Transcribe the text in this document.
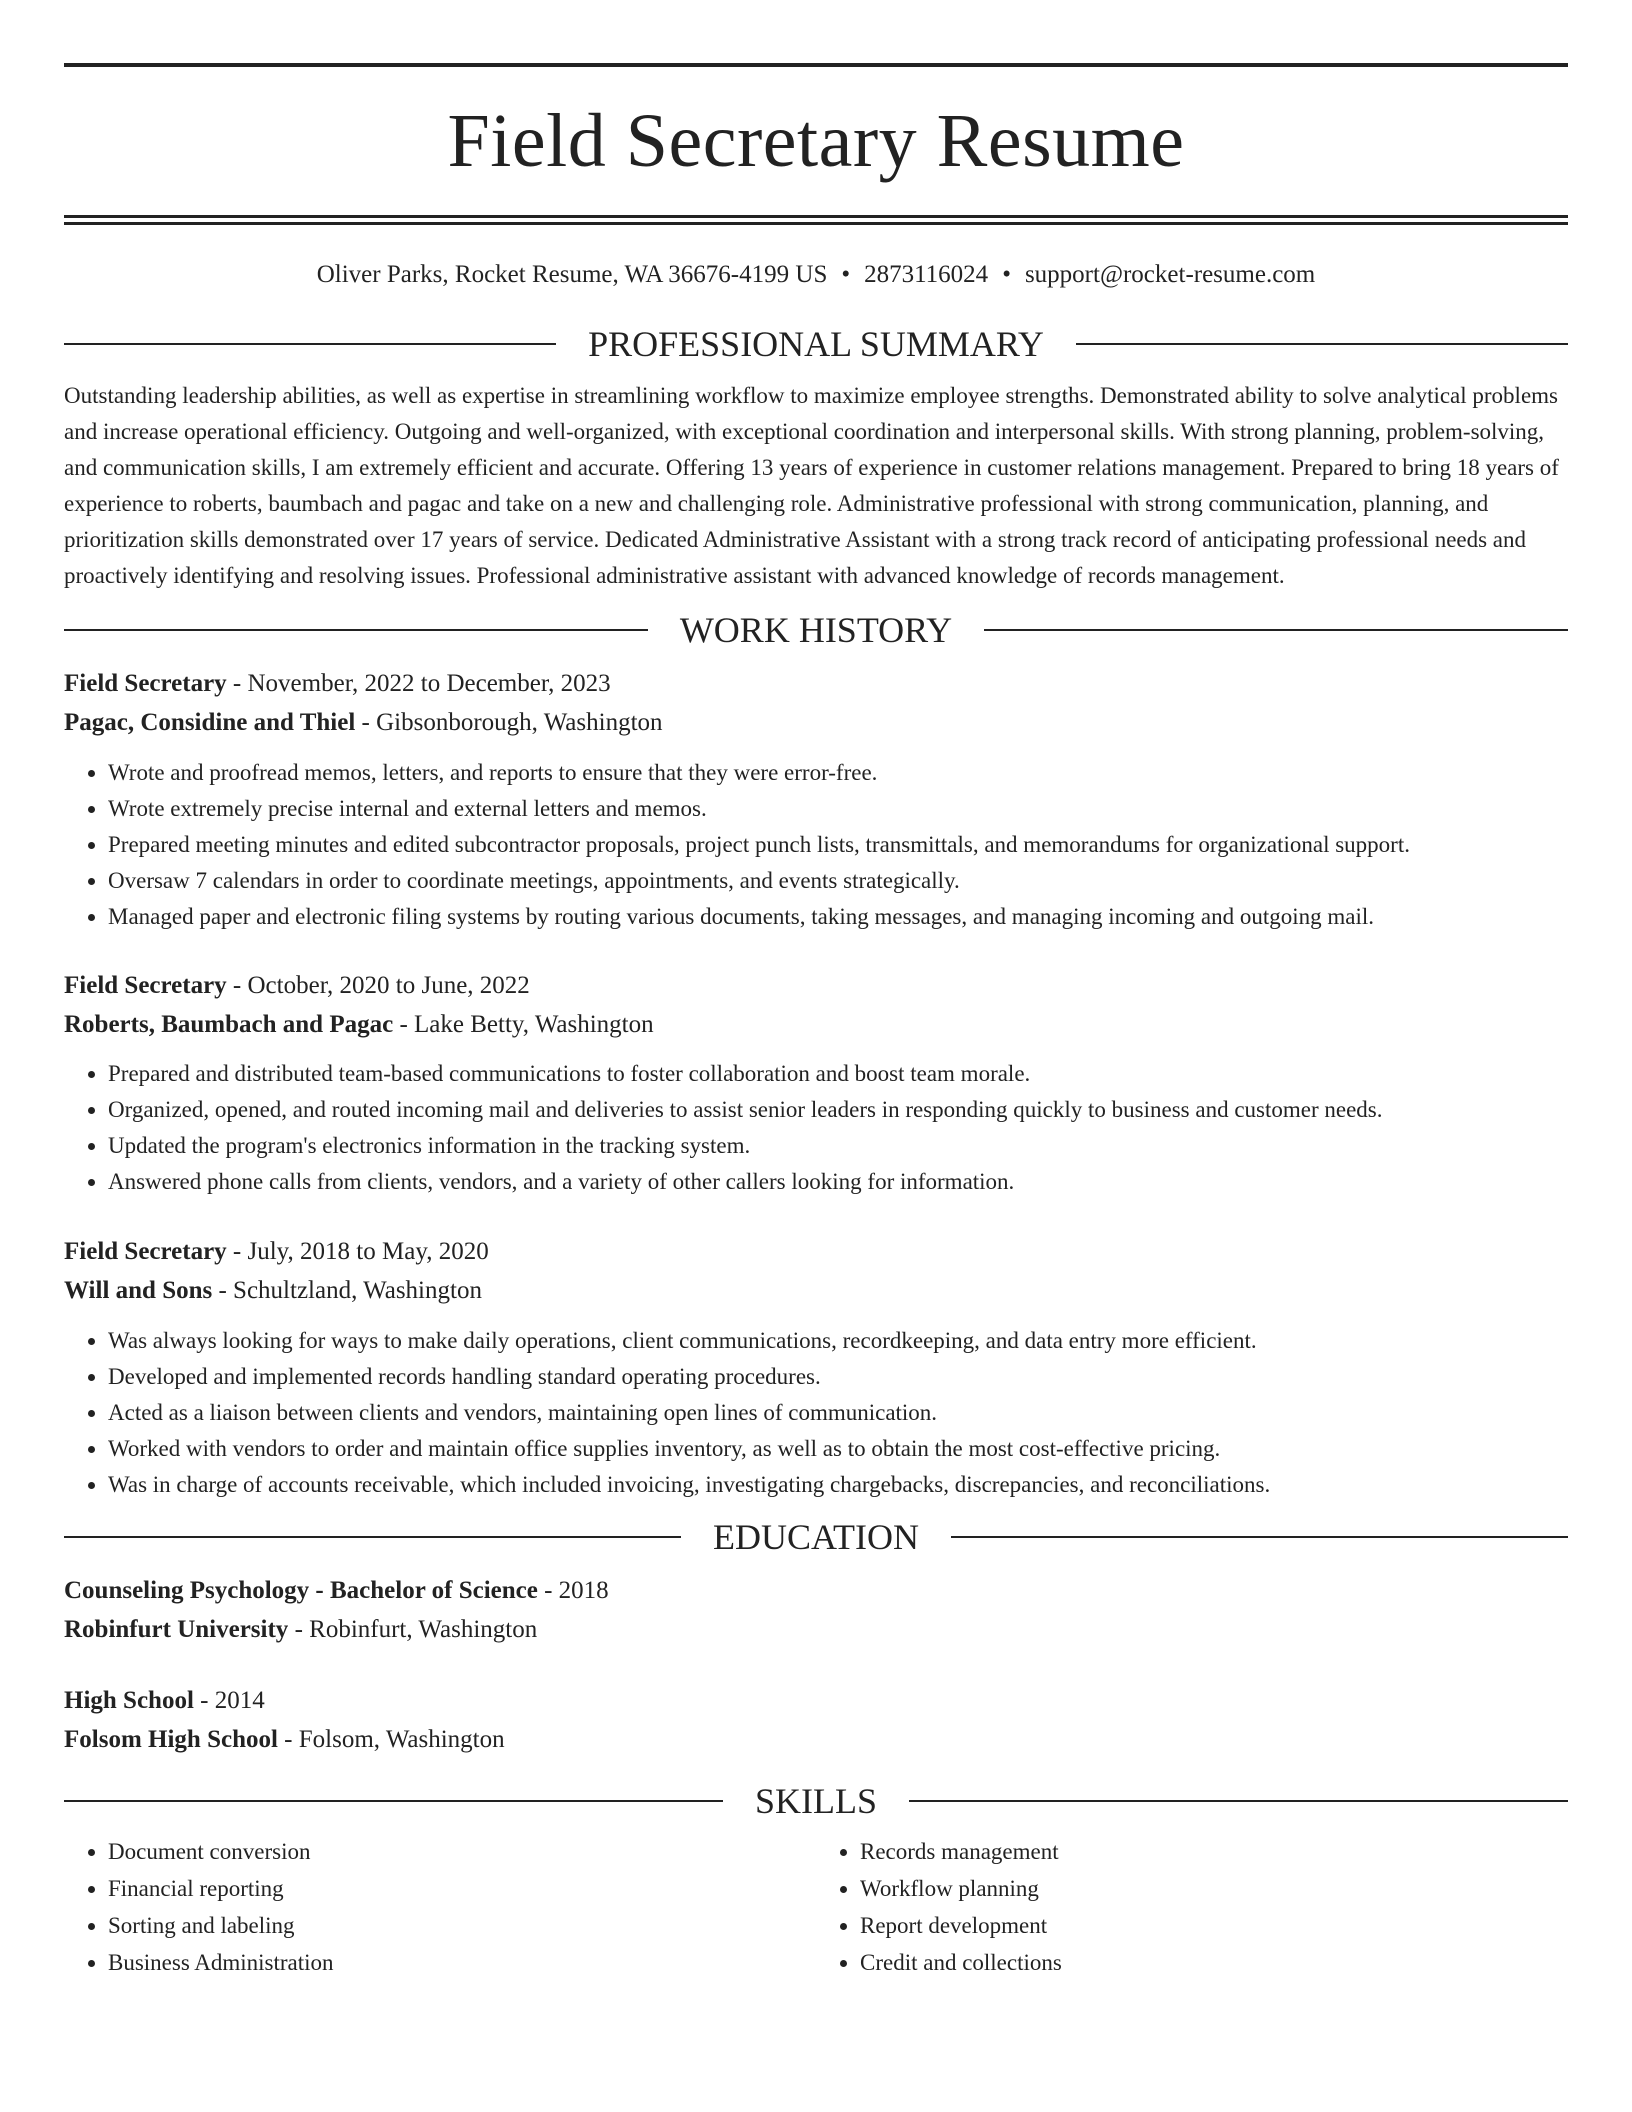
Field Secretary Resume
Oliver Parks, Rocket Resume, WA 36676-4199 US • 2873116024 • support@rocket-resume.com
PROFESSIONAL SUMMARY

Outstanding leadership abilities, as well as expertise in streamlining workflow to maximize employee strengths. Demonstrated ability to solve analytical problems and increase operational efficiency. Outgoing and well-organized, with exceptional coordination and interpersonal skills. With strong planning, problem-solving, and communication skills, I am extremely efficient and accurate. Offering 13 years of experience in customer relations management. Prepared to bring 18 years of experience to roberts, baumbach and pagac and take on a new and challenging role. Administrative professional with strong communication, planning, and prioritization skills demonstrated over 17 years of service. Dedicated Administrative Assistant with a strong track record of anticipating professional needs and proactively identifying and resolving issues. Professional administrative assistant with advanced knowledge of records management.

WORK HISTORY

Field Secretary - November, 2022 to December, 2023

Pagac, Considine and Thiel - Gibsonborough, Washington

• Wrote and proofread memos, letters, and reports to ensure that they were error-free.
• Wrote extremely precise internal and external letters and memos.
• Prepared meeting minutes and edited subcontractor proposals, project punch lists, transmittals, and memorandums for organizational support.
• Oversaw 7 calendars in order to coordinate meetings, appointments, and events strategically.
• Managed paper and electronic filing systems by routing various documents, taking messages, and managing incoming and outgoing mail.

Field Secretary - October, 2020 to June, 2022

Roberts, Baumbach and Pagac - Lake Betty, Washington

• Prepared and distributed team-based communications to foster collaboration and boost team morale.
• Organized, opened, and routed incoming mail and deliveries to assist senior leaders in responding quickly to business and customer needs.
• Updated the program's electronics information in the tracking system.
• Answered phone calls from clients, vendors, and a variety of other callers looking for information.

Field Secretary - July, 2018 to May, 2020

Will and Sons - Schultzland, Washington

• Was always looking for ways to make daily operations, client communications, recordkeeping, and data entry more efficient.
• Developed and implemented records handling standard operating procedures.
• Acted as a liaison between clients and vendors, maintaining open lines of communication.
• Worked with vendors to order and maintain office supplies inventory, as well as to obtain the most cost-effective pricing.
• Was in charge of accounts receivable, which included invoicing, investigating chargebacks, discrepancies, and reconciliations.
EDUCATION

Counseling Psychology - Bachelor of Science - 2018

Robinfurt University - Robinfurt, Washington

High School - 2014

Folsom High School - Folsom, Washington

SKILLS
• Document conversion
• Financial reporting
• Sorting and labeling
• Business Administration
• Records management
• Workflow planning
• Report development
• Credit and collections
